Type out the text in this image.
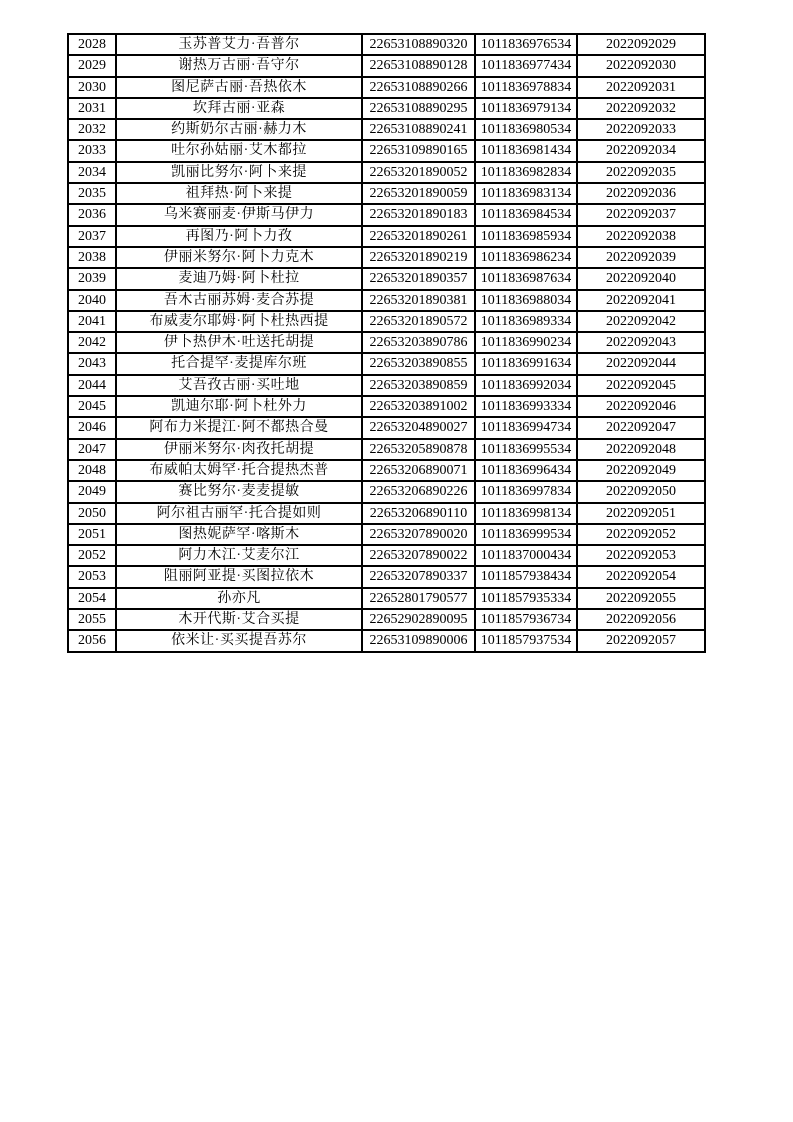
2028	玉苏普艾力·吾普尔	22653108890320	1011836976534	2022092029
2029	谢热万古丽·吾守尔	22653108890128	1011836977434	2022092030
2030	图尼萨古丽·吾热依木	22653108890266	1011836978834	2022092031
2031	坎拜古丽·亚森	22653108890295	1011836979134	2022092032
2032	约斯奶尔古丽·赫力木	22653108890241	1011836980534	2022092033
2033	吐尔孙姑丽·艾木都拉	22653109890165	1011836981434	2022092034
2034	凯丽比努尔·阿卜来提	22653201890052	1011836982834	2022092035
2035	祖拜热·阿卜来提	22653201890059	1011836983134	2022092036
2036	乌米赛丽麦·伊斯马伊力	22653201890183	1011836984534	2022092037
2037	再图乃·阿卜力孜	22653201890261	1011836985934	2022092038
2038	伊丽米努尔·阿卜力克木	22653201890219	1011836986234	2022092039
2039	麦迪乃姆·阿卜杜拉	22653201890357	1011836987634	2022092040
2040	吾木古丽苏姆·麦合苏提	22653201890381	1011836988034	2022092041
2041	布威麦尔耶姆·阿卜杜热西提	22653201890572	1011836989334	2022092042
2042	伊卜热伊木·吐送托胡提	22653203890786	1011836990234	2022092043
2043	托合提罕·麦提库尔班	22653203890855	1011836991634	2022092044
2044	艾吾孜古丽·买吐地	22653203890859	1011836992034	2022092045
2045	凯迪尔耶·阿卜杜外力	22653203891002	1011836993334	2022092046
2046	阿布力米提江·阿不都热合曼	22653204890027	1011836994734	2022092047
2047	伊丽米努尔·肉孜托胡提	22653205890878	1011836995534	2022092048
2048	布威帕太姆罕·托合提热杰普	22653206890071	1011836996434	2022092049
2049	赛比努尔·麦麦提敏	22653206890226	1011836997834	2022092050
2050	阿尔祖古丽罕·托合提如则	22653206890110	1011836998134	2022092051
2051	图热妮萨罕·喀斯木	22653207890020	1011836999534	2022092052
2052	阿力木江·艾麦尔江	22653207890022	1011837000434	2022092053
2053	阻丽阿亚提·买图拉依木	22653207890337	1011857938434	2022092054
2054	孙亦凡	22652801790577	1011857935334	2022092055
2055	木开代斯·艾合买提	22652902890095	1011857936734	2022092056
2056	依米让·买买提吾苏尔	22653109890006	1011857937534	2022092057
